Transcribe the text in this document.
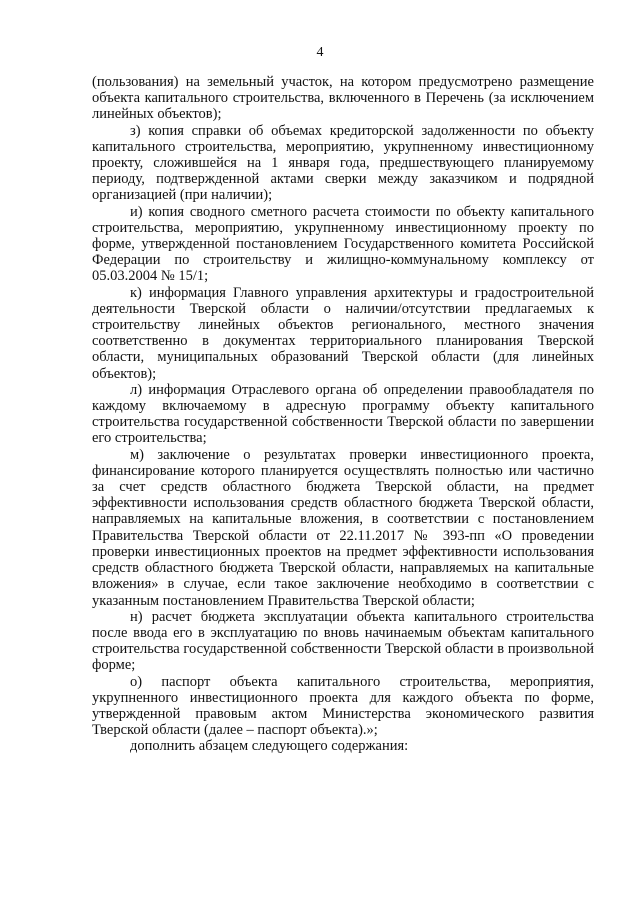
4

(пользования) на земельный участок, на котором предусмотрено размещение объекта капитального строительства, включенного в Перечень (за исключением линейных объектов);

з) копия справки об объемах кредиторской задолженности по объекту капитального строительства, мероприятию, укрупненному инвестиционному проекту, сложившейся на 1 января года, предшествующего планируемому периоду, подтвержденной актами сверки между заказчиком и подрядной организацией (при наличии);

и) копия сводного сметного расчета стоимости по объекту капитального строительства, мероприятию, укрупненному инвестиционному проекту по форме, утвержденной постановлением Государственного комитета Российской Федерации по строительству и жилищно-коммунальному комплексу от 05.03.2004 № 15/1;

к) информация Главного управления архитектуры и градостроительной деятельности Тверской области о наличии/отсутствии предлагаемых к строительству линейных объектов регионального, местного значения соответственно в документах территориального планирования Тверской области, муниципальных образований Тверской области (для линейных объектов);

л) информация Отраслевого органа об определении правообладателя по каждому включаемому в адресную программу объекту капитального строительства государственной собственности Тверской области по завершении его строительства;

м) заключение о результатах проверки инвестиционного проекта, финансирование которого планируется осуществлять полностью или частично за счет средств областного бюджета Тверской области, на предмет эффективности использования средств областного бюджета Тверской области, направляемых на капитальные вложения, в соответствии с постановлением Правительства Тверской области от 22.11.2017 № 393-пп «О проведении проверки инвестиционных проектов на предмет эффективности использования средств областного бюджета Тверской области, направляемых на капитальные вложения» в случае, если такое заключение необходимо в соответствии с указанным постановлением Правительства Тверской области;

н) расчет бюджета эксплуатации объекта капитального строительства после ввода его в эксплуатацию по вновь начинаемым объектам капитального строительства государственной собственности Тверской области в произвольной форме;

о) паспорт объекта капитального строительства, мероприятия, укрупненного инвестиционного проекта для каждого объекта по форме, утвержденной правовым актом Министерства экономического развития Тверской области (далее – паспорт объекта).»;

дополнить абзацем следующего содержания:
